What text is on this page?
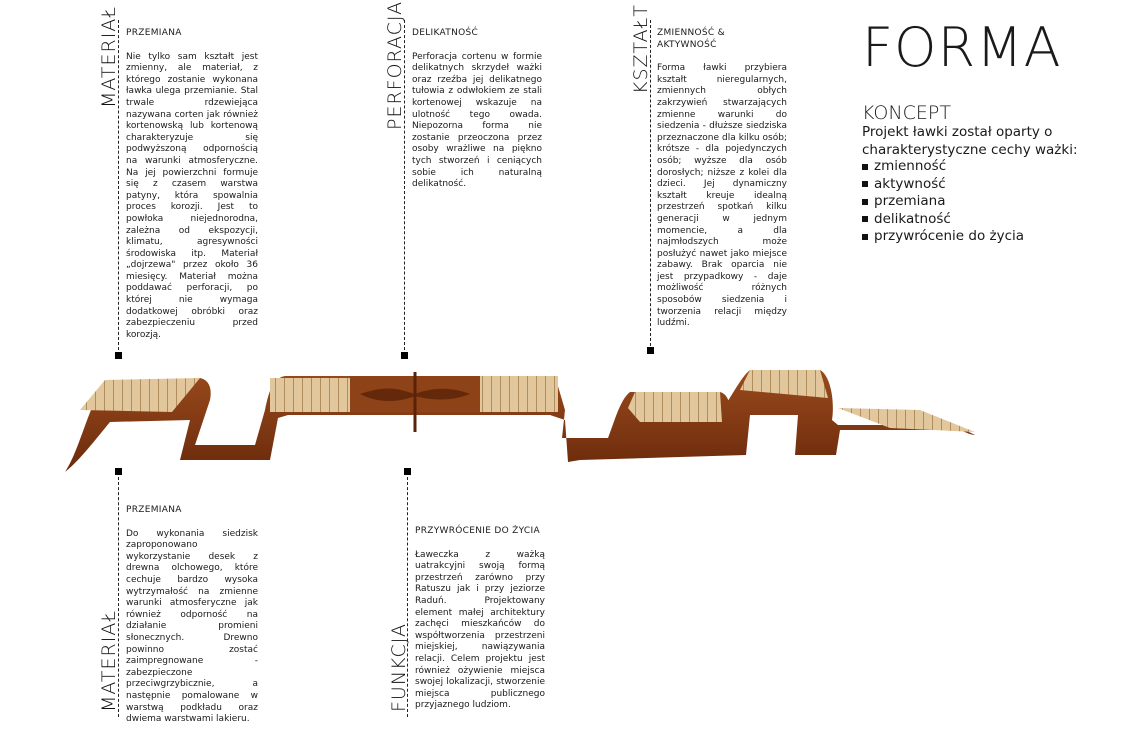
MATERIAŁ PRZEMIANA
Nie tylko sam kształt jest zmienny, ale materiał, z którego zostanie wykonana ławka ulega przemianie. Stal trwale rdzewiejąca nazywana corten jak również kortenowską lub kortenową charakteryzuje się podwyższoną odpornością na warunki atmosferyczne. Na jej powierzchni formuje się z czasem warstwa patyny, która spowalnia proces korozji. Jest to powłoka niejednorodna, zależna od ekspozycji, klimatu, agresywności środowiska itp. Materiał „dojrzewa" przez około 36 miesięcy. Materiał można poddawać perforacji, po której nie wymaga dodatkowej obróbki oraz zabezpieczeniu przed korozją.
PERFORACJA DELIKATNOŚĆ
Perforacja cortenu w formie delikatnych skrzydeł ważki oraz rzeźba jej delikatnego tułowia z odwłokiem ze stali kortenowej wskazuje na ulotność tego owada. Niepozorna forma nie zostanie przeoczona przez osoby wrażliwe na piękno tych stworzeń i ceniących sobie ich naturalną delikatność.
KSZTAŁT ZMIENNOŚĆ & AKTYWNOŚĆ
Forma ławki przybiera kształt nieregularnych, zmiennych obłych zakrzywień stwarzających zmienne warunki do siedzenia - dłuższe siedziska przeznaczone dla kilku osób; krótsze - dla pojedynczych osób; wyższe dla osób dorosłych; niższe z kolei dla dzieci. Jej dynamiczny kształt kreuje idealną przestrzeń spotkań kilku generacji w jednym momencie, a dla najmłodszych może posłużyć nawet jako miejsce zabawy. Brak oparcia nie jest przypadkowy - daje możliwość różnych sposobów siedzenia i tworzenia relacji między ludźmi.
FORMA
KONCEPT
Projekt ławki został oparty o charakterystyczne cechy ważki:
zmienność
aktywność
przemiana
delikatność
przywrócenie do życia
MATERIAŁ
PRZEMIANA
Do wykonania siedzisk zaproponowano wykorzystanie desek z drewna olchowego, które cechuje bardzo wysoka wytrzymałość na zmienne warunki atmosferyczne jak również odporność na działanie promieni słonecznych. Drewno powinno zostać zaimpregnowane - zabezpieczone przeciwgrzybicznie, a następnie pomalowane w warstwą podkładu oraz dwiema warstwami lakieru.
FUNKCJA
PRZYWRÓCENIE DO ŻYCIA
Ławeczka z ważką uatrakcyjni swoją formą przestrzeń zarówno przy Ratuszu jak i przy jeziorze Raduń. Projektowany element małej architektury zachęci mieszkańców do współtworzenia przestrzeni miejskiej, nawiązywania relacji. Celem projektu jest również ożywienie miejsca swojej lokalizacji, stworzenie miejsca publicznego przyjaznego ludziom.
